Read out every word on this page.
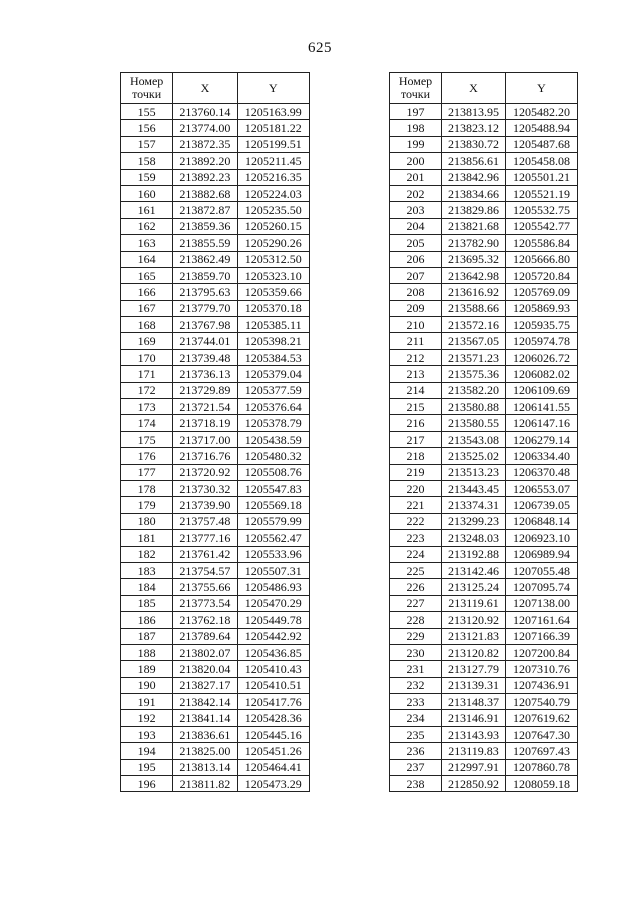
625
Номер
точки	X	Y
155	213760.14	1205163.99
156	213774.00	1205181.22
157	213872.35	1205199.51
158	213892.20	1205211.45
159	213892.23	1205216.35
160	213882.68	1205224.03
161	213872.87	1205235.50
162	213859.36	1205260.15
163	213855.59	1205290.26
164	213862.49	1205312.50
165	213859.70	1205323.10
166	213795.63	1205359.66
167	213779.70	1205370.18
168	213767.98	1205385.11
169	213744.01	1205398.21
170	213739.48	1205384.53
171	213736.13	1205379.04
172	213729.89	1205377.59
173	213721.54	1205376.64
174	213718.19	1205378.79
175	213717.00	1205438.59
176	213716.76	1205480.32
177	213720.92	1205508.76
178	213730.32	1205547.83
179	213739.90	1205569.18
180	213757.48	1205579.99
181	213777.16	1205562.47
182	213761.42	1205533.96
183	213754.57	1205507.31
184	213755.66	1205486.93
185	213773.54	1205470.29
186	213762.18	1205449.78
187	213789.64	1205442.92
188	213802.07	1205436.85
189	213820.04	1205410.43
190	213827.17	1205410.51
191	213842.14	1205417.76
192	213841.14	1205428.36
193	213836.61	1205445.16
194	213825.00	1205451.26
195	213813.14	1205464.41
196	213811.82	1205473.29
Номер
точки	X	Y
197	213813.95	1205482.20
198	213823.12	1205488.94
199	213830.72	1205487.68
200	213856.61	1205458.08
201	213842.96	1205501.21
202	213834.66	1205521.19
203	213829.86	1205532.75
204	213821.68	1205542.77
205	213782.90	1205586.84
206	213695.32	1205666.80
207	213642.98	1205720.84
208	213616.92	1205769.09
209	213588.66	1205869.93
210	213572.16	1205935.75
211	213567.05	1205974.78
212	213571.23	1206026.72
213	213575.36	1206082.02
214	213582.20	1206109.69
215	213580.88	1206141.55
216	213580.55	1206147.16
217	213543.08	1206279.14
218	213525.02	1206334.40
219	213513.23	1206370.48
220	213443.45	1206553.07
221	213374.31	1206739.05
222	213299.23	1206848.14
223	213248.03	1206923.10
224	213192.88	1206989.94
225	213142.46	1207055.48
226	213125.24	1207095.74
227	213119.61	1207138.00
228	213120.92	1207161.64
229	213121.83	1207166.39
230	213120.82	1207200.84
231	213127.79	1207310.76
232	213139.31	1207436.91
233	213148.37	1207540.79
234	213146.91	1207619.62
235	213143.93	1207647.30
236	213119.83	1207697.43
237	212997.91	1207860.78
238	212850.92	1208059.18
